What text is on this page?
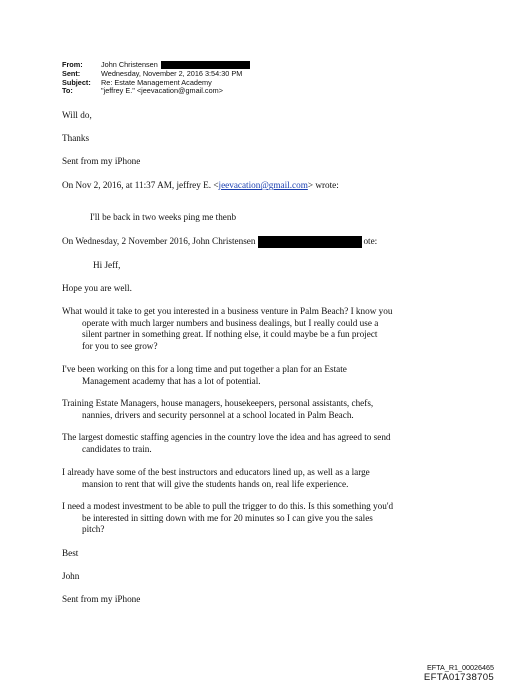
From:	John Christensen
Sent:	Wednesday, November 2, 2016 3:54:30 PM
Subject:	Re: Estate Management Academy
To:	"jeffrey E." <jeevacation@gmail.com>
Will do,
Thanks
Sent from my iPhone
On Nov 2, 2016, at 11:37 AM, jeffrey E. <jeevacation@gmail.com> wrote:
I'll be back in two weeks ping me thenb
On Wednesday, 2 November 2016, John Christensen	ote:
Hi Jeff,
Hope you are well.
What would it take to get you interested in a business venture in Palm Beach? I know you
operate with much larger numbers and business dealings, but I really could use a
silent partner in something great. If nothing else, it could maybe be a fun project
for you to see grow?
I've been working on this for a long time and put together a plan for an Estate
Management academy that has a lot of potential.
Training Estate Managers, house managers, housekeepers, personal assistants, chefs,
nannies, drivers and security personnel at a school located in Palm Beach.
The largest domestic staffing agencies in the country love the idea and has agreed to send
candidates to train.
I already have some of the best instructors and educators lined up, as well as a large
mansion to rent that will give the students hands on, real life experience.
I need a modest investment to be able to pull the trigger to do this. Is this something you'd
be interested in sitting down with me for 20 minutes so I can give you the sales
pitch?
Best
John
Sent from my iPhone
EFTA_R1_00026465
EFTA01738705
